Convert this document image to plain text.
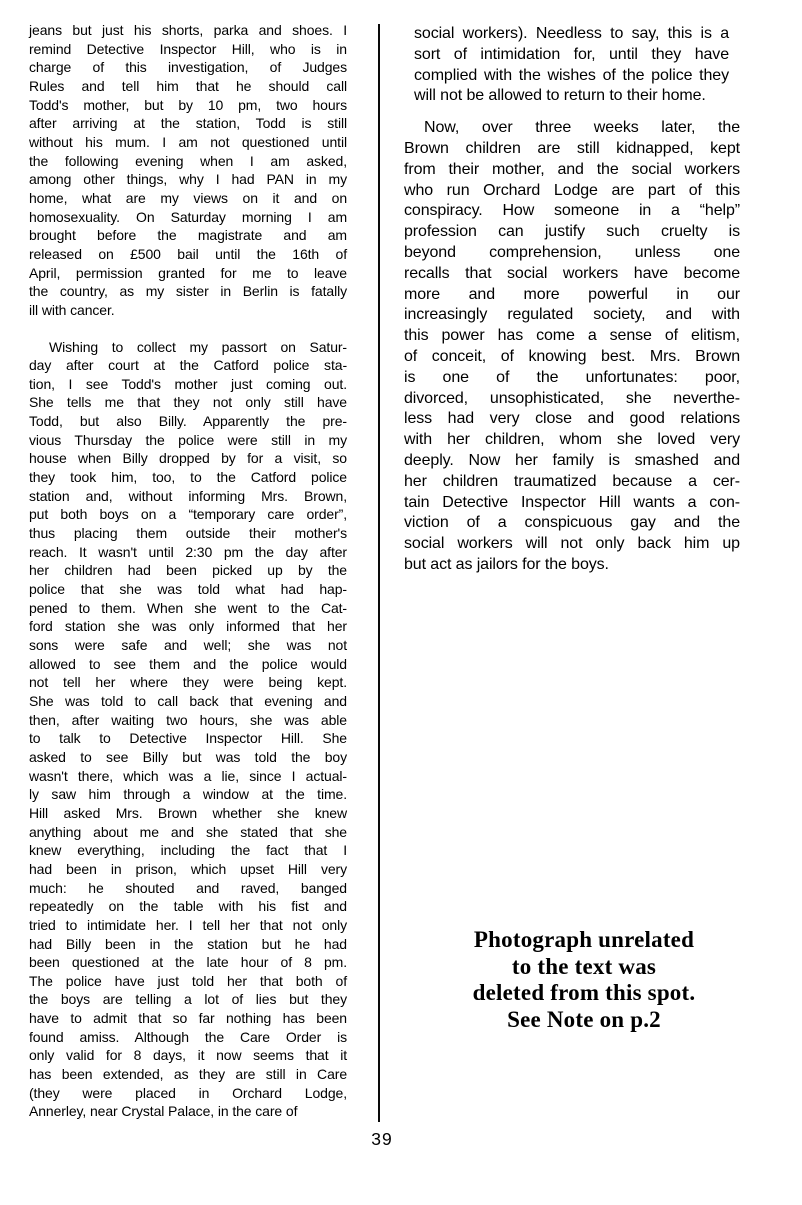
jeans but just his shorts, parka and shoes. I
remind Detective Inspector Hill, who is in
charge of this investigation, of Judges
Rules and tell him that he should call
Todd's mother, but by 10 pm, two hours
after arriving at the station, Todd is still
without his mum. I am not questioned until
the following evening when I am asked,
among other things, why I had PAN in my
home, what are my views on it and on
homosexuality. On Saturday morning I am
brought before the magistrate and am
released on £500 bail until the 16th of
April, permission granted for me to leave
the country, as my sister in Berlin is fatally
ill with cancer.
Wishing to collect my passort on Satur-
day after court at the Catford police sta-
tion, I see Todd's mother just coming out.
She tells me that they not only still have
Todd, but also Billy. Apparently the pre-
vious Thursday the police were still in my
house when Billy dropped by for a visit, so
they took him, too, to the Catford police
station and, without informing Mrs. Brown,
put both boys on a “temporary care order”,
thus placing them outside their mother's
reach. It wasn't until 2:30 pm the day after
her children had been picked up by the
police that she was told what had hap-
pened to them. When she went to the Cat-
ford station she was only informed that her
sons were safe and well; she was not
allowed to see them and the police would
not tell her where they were being kept.
She was told to call back that evening and
then, after waiting two hours, she was able
to talk to Detective Inspector Hill. She
asked to see Billy but was told the boy
wasn't there, which was a lie, since I actual-
ly saw him through a window at the time.
Hill asked Mrs. Brown whether she knew
anything about me and she stated that she
knew everything, including the fact that I
had been in prison, which upset Hill very
much: he shouted and raved, banged
repeatedly on the table with his fist and
tried to intimidate her. I tell her that not only
had Billy been in the station but he had
been questioned at the late hour of 8 pm.
The police have just told her that both of
the boys are telling a lot of lies but they
have to admit that so far nothing has been
found amiss. Although the Care Order is
only valid for 8 days, it now seems that it
has been extended, as they are still in Care
(they were placed in Orchard Lodge,
Annerley, near Crystal Palace, in the care of
social workers). Needless to say, this is a
sort of intimidation for, until they have
complied with the wishes of the police they
will not be allowed to return to their home.
Now, over three weeks later, the
Brown children are still kidnapped, kept
from their mother, and the social workers
who run Orchard Lodge are part of this
conspiracy. How someone in a “help”
profession can justify such cruelty is
beyond comprehension, unless one
recalls that social workers have become
more and more powerful in our
increasingly regulated society, and with
this power has come a sense of elitism,
of conceit, of knowing best. Mrs. Brown
is one of the unfortunates: poor,
divorced, unsophisticated, she neverthe-
less had very close and good relations
with her children, whom she loved very
deeply. Now her family is smashed and
her children traumatized because a cer-
tain Detective Inspector Hill wants a con-
viction of a conspicuous gay and the
social workers will not only back him up
but act as jailors for the boys.
Photograph unrelated
to the text was
deleted from this spot.
See Note on p.2
39
